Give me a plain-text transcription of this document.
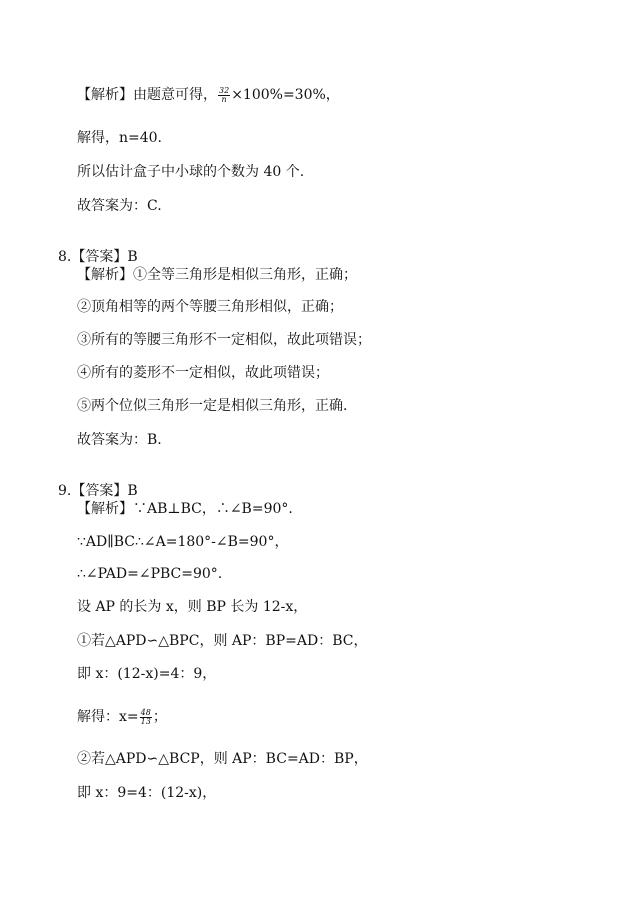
【解析】由题意可得， $\frac{32}{n} \times 100\%=30\%$，
解得，n=40.
所以估计盒子中小球的个数为 40 个.
故答案为：C.
8.【答案】B
【解析】①全等三角形是相似三角形，正确；
②顶角相等的两个等腰三角形相似，正确；
③所有的等腰三角形不一定相似，故此项错误；
④所有的菱形不一定相似，故此项错误；
⑤两个位似三角形一定是相似三角形，正确.
故答案为：B.
9.【答案】B
【解析】∵AB⊥BC，∴∠B=90°.
∵AD∥BC∴∠A=180°-∠B=90°，
∴∠PAD=∠PBC=90°.
设 AP 的长为 x，则 BP 长为 12-x，
①若△APD∽△BPC，则 AP：BP=AD：BC，
即 x：(12-x)=4：9，
解得：$x= \frac{48}{13}$ ；
②若△APD∽△BCP，则 AP：BC=AD：BP，
即 x：9=4：(12-x)，
